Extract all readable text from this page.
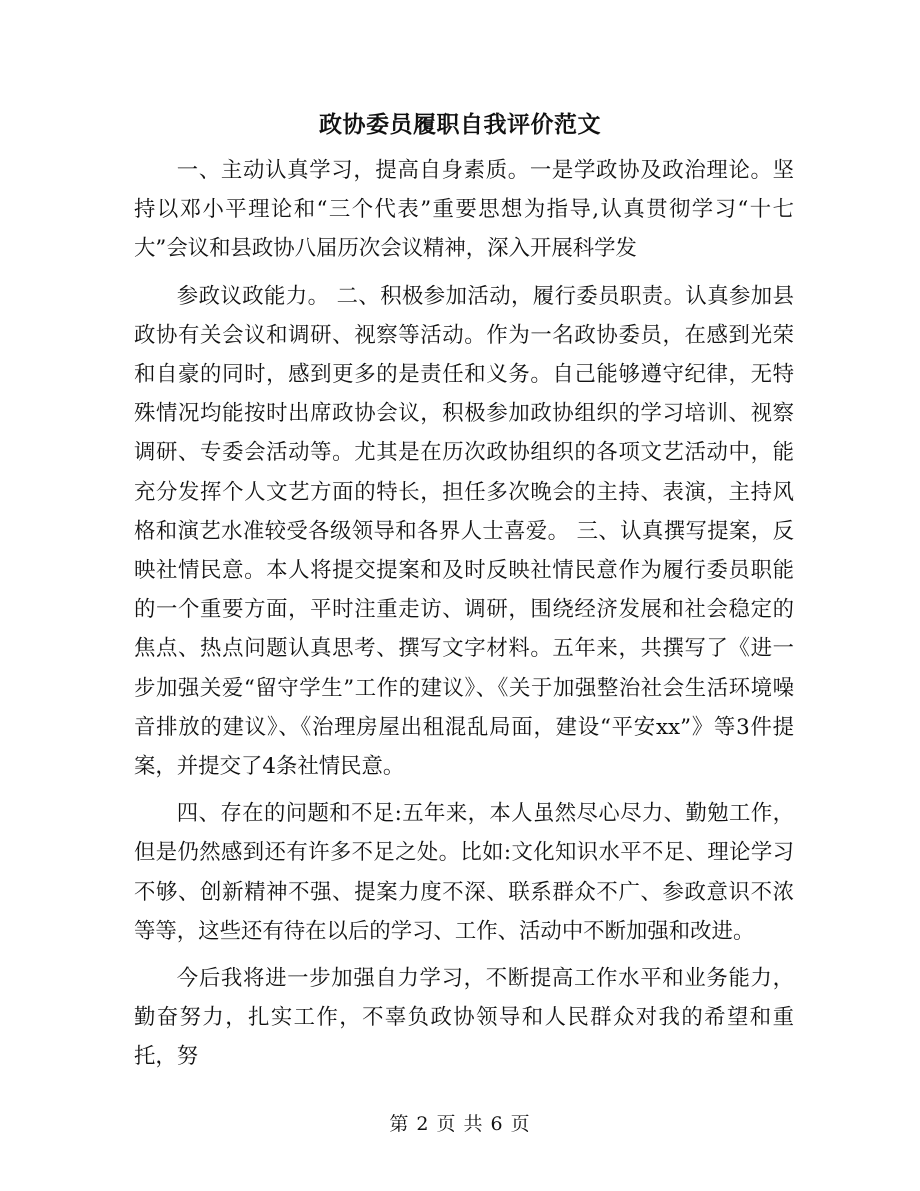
政协委员履职自我评价范文

一、主动认真学习，提高自身素质。一是学政协及政治理论。坚持以邓小平理论和“三个代表”重要思想为指导,认真贯彻学习“十七大”会议和县政协八届历次会议精神，深入开展科学发

参政议政能力。 二、积极参加活动，履行委员职责。认真参加县政协有关会议和调研、视察等活动。作为一名政协委员，在感到光荣和自豪的同时，感到更多的是责任和义务。自己能够遵守纪律，无特殊情况均能按时出席政协会议，积极参加政协组织的学习培训、视察调研、专委会活动等。尤其是在历次政协组织的各项文艺活动中，能充分发挥个人文艺方面的特长，担任多次晚会的主持、表演，主持风格和演艺水准较受各级领导和各界人士喜爱。 三、认真撰写提案，反映社情民意。本人将提交提案和及时反映社情民意作为履行委员职能的一个重要方面，平时注重走访、调研，围绕经济发展和社会稳定的焦点、热点问题认真思考、撰写文字材料。五年来，共撰写了《进一步加强关爱“留守学生”工作的建议》、《关于加强整治社会生活环境噪音排放的建议》、《治理房屋出租混乱局面，建设“平安xx”》等3件提案，并提交了4条社情民意。

四、存在的问题和不足:五年来，本人虽然尽心尽力、勤勉工作，但是仍然感到还有许多不足之处。比如:文化知识水平不足、理论学习不够、创新精神不强、提案力度不深、联系群众不广、参政意识不浓等等，这些还有待在以后的学习、工作、活动中不断加强和改进。

今后我将进一步加强自力学习，不断提高工作水平和业务能力，勤奋努力，扎实工作，不辜负政协领导和人民群众对我的希望和重托，努

第 2 页 共 6 页
